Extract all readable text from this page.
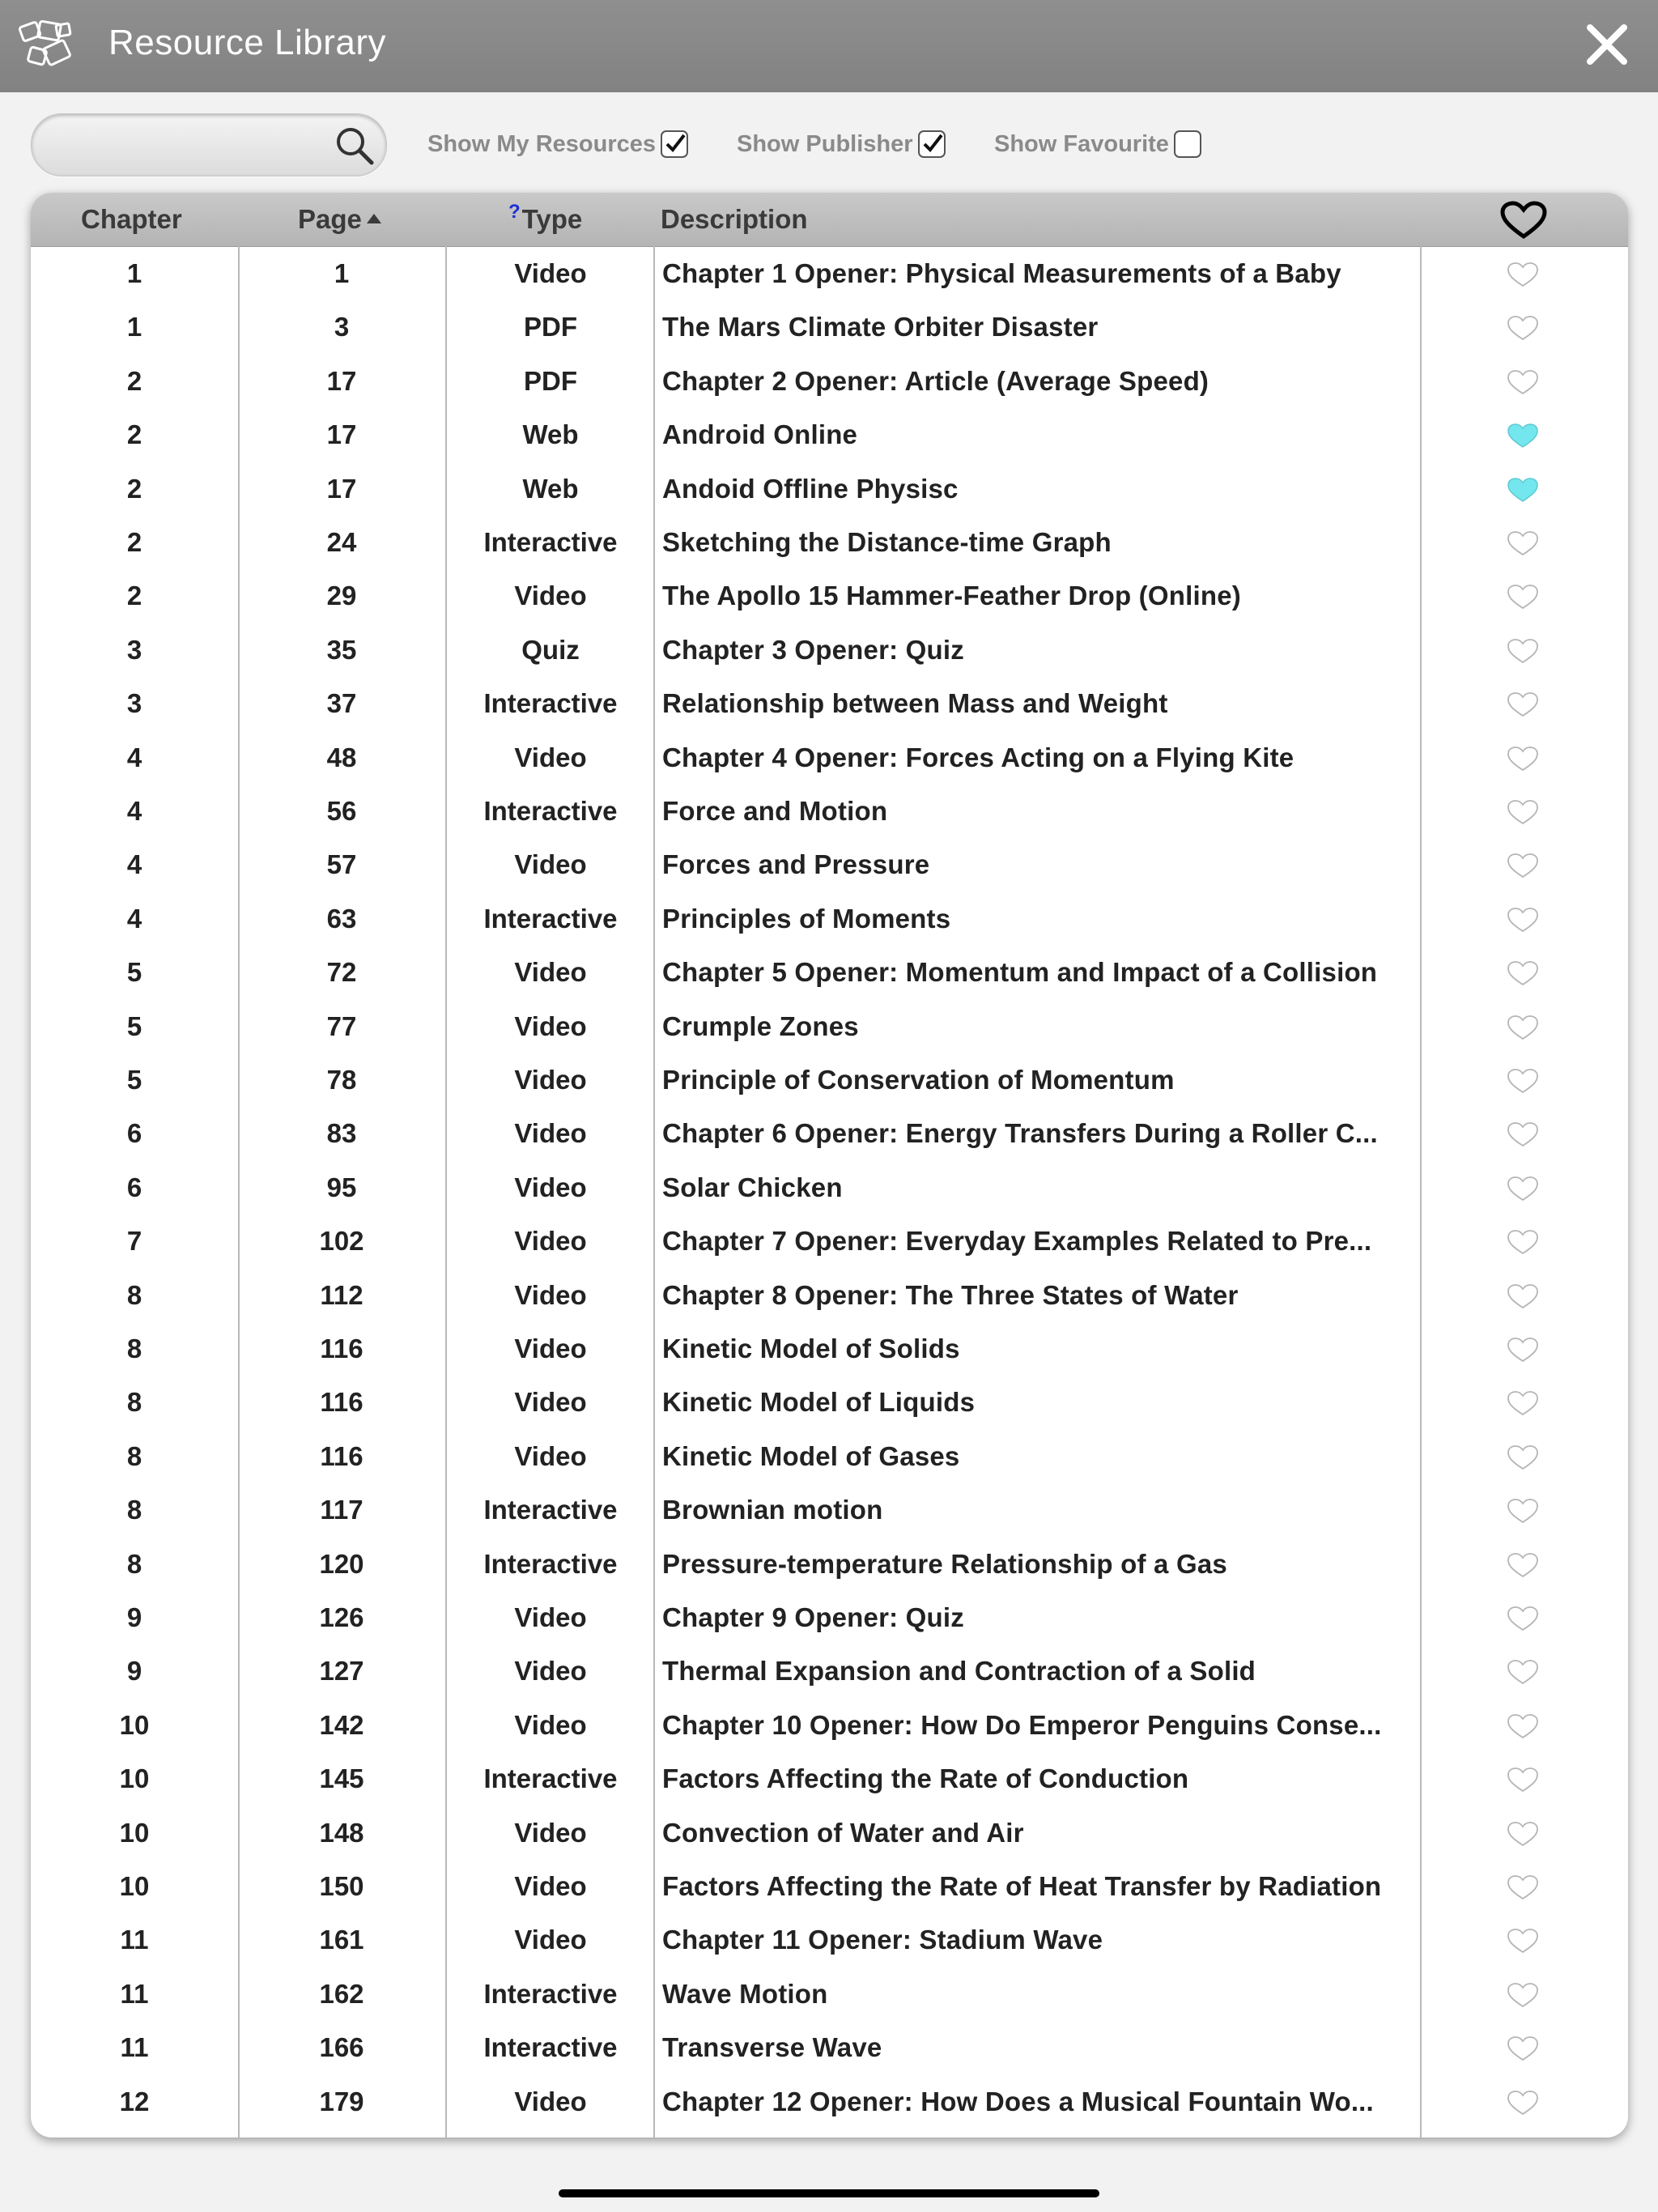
Resource Library
Show My Resources	Show Publisher	Show Favourite
Chapter	Page	?Type	Description
1	1	Video	Chapter 1 Opener: Physical Measurements of a Baby
1	3	PDF	The Mars Climate Orbiter Disaster
2	17	PDF	Chapter 2 Opener: Article (Average Speed)
2	17	Web	Android Online
2	17	Web	Andoid Offline Physisc
2	24	Interactive	Sketching the Distance-time Graph
2	29	Video	The Apollo 15 Hammer-Feather Drop (Online)
3	35	Quiz	Chapter 3 Opener: Quiz
3	37	Interactive	Relationship between Mass and Weight
4	48	Video	Chapter 4 Opener: Forces Acting on a Flying Kite
4	56	Interactive	Force and Motion
4	57	Video	Forces and Pressure
4	63	Interactive	Principles of Moments
5	72	Video	Chapter 5 Opener: Momentum and Impact of a Collision
5	77	Video	Crumple Zones
5	78	Video	Principle of Conservation of Momentum
6	83	Video	Chapter 6 Opener: Energy Transfers During a Roller C...
6	95	Video	Solar Chicken
7	102	Video	Chapter 7 Opener: Everyday Examples Related to Pre...
8	112	Video	Chapter 8 Opener: The Three States of Water
8	116	Video	Kinetic Model of Solids
8	116	Video	Kinetic Model of Liquids
8	116	Video	Kinetic Model of Gases
8	117	Interactive	Brownian motion
8	120	Interactive	Pressure-temperature Relationship of a Gas
9	126	Video	Chapter 9 Opener: Quiz
9	127	Video	Thermal Expansion and Contraction of a Solid
10	142	Video	Chapter 10 Opener: How Do Emperor Penguins Conse...
10	145	Interactive	Factors Affecting the Rate of Conduction
10	148	Video	Convection of Water and Air
10	150	Video	Factors Affecting the Rate of Heat Transfer by Radiation
11	161	Video	Chapter 11 Opener: Stadium Wave
11	162	Interactive	Wave Motion
11	166	Interactive	Transverse Wave
12	179	Video	Chapter 12 Opener: How Does a Musical Fountain Wo...
